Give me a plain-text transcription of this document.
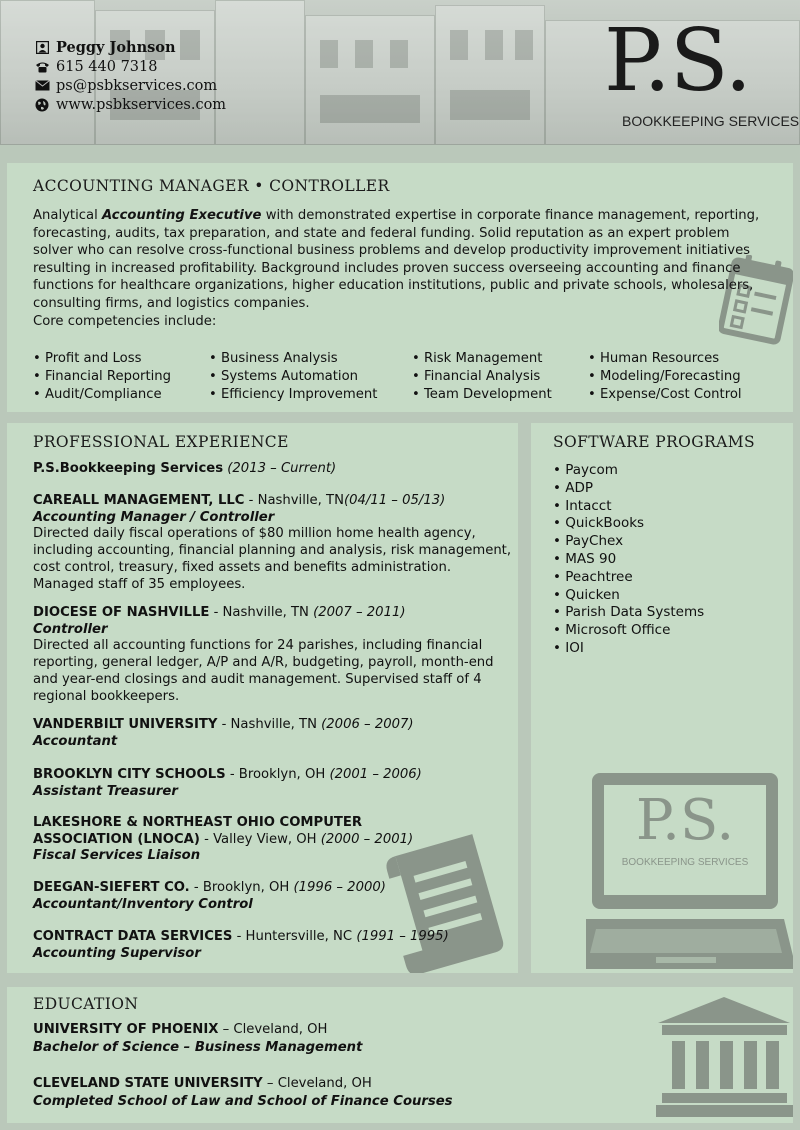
Peggy Johnson
615 440 7318
ps@psbkservices.com
www.psbkservices.com	P.S.
BOOKKEEPING SERVICES
ACCOUNTING MANAGER • CONTROLLER
Analytical Accounting Executive with demonstrated expertise in corporate finance management, reporting, forecasting, audits, tax preparation, and state and federal funding. Solid reputation as an expert problem solver who can resolve cross-functional business problems and develop productivity improvement initiatives resulting in increased profitability. Background includes proven success overseeing accounting and finance functions for healthcare organizations, higher education institutions, public and private schools, wholesalers, consulting firms, and logistics companies.
Core competencies include:
• Profit and Loss
• Financial Reporting
• Audit/Compliance
• Business Analysis
• Systems Automation
• Efficiency Improvement
• Risk Management
• Financial Analysis
• Team Development
• Human Resources
• Modeling/Forecasting
• Expense/Cost Control
PROFESSIONAL EXPERIENCE
P.S.Bookkeeping Services (2013 – Current)
CAREALL MANAGEMENT, LLC - Nashville, TN(04/11 – 05/13)
Accounting Manager / Controller
Directed daily fiscal operations of $80 million home health agency, including accounting, financial planning and analysis, risk management, cost control, treasury, fixed assets and benefits administration. Managed staff of 35 employees.
DIOCESE OF NASHVILLE - Nashville, TN (2007 – 2011)
Controller
Directed all accounting functions for 24 parishes, including financial reporting, general ledger, A/P and A/R, budgeting, payroll, month-end and year-end closings and audit management. Supervised staff of 4 regional bookkeepers.
VANDERBILT UNIVERSITY - Nashville, TN (2006 – 2007)
Accountant
BROOKLYN CITY SCHOOLS - Brooklyn, OH (2001 – 2006)
Assistant Treasurer
LAKESHORE & NORTHEAST OHIO COMPUTER ASSOCIATION (LNOCA) - Valley View, OH (2000 – 2001)
Fiscal Services Liaison
DEEGAN-SIEFERT CO. - Brooklyn, OH (1996 – 2000)
Accountant/Inventory Control
CONTRACT DATA SERVICES - Huntersville, NC (1991 – 1995)
Accounting Supervisor
SOFTWARE PROGRAMS
• Paycom
• ADP
• Intacct
• QuickBooks
• PayChex
• MAS 90
• Peachtree
• Quicken
• Parish Data Systems
• Microsoft Office
• IOI
P.S.
BOOKKEEPING SERVICES
EDUCATION
UNIVERSITY OF PHOENIX – Cleveland, OH
Bachelor of Science – Business Management
CLEVELAND STATE UNIVERSITY – Cleveland, OH
Completed School of Law and School of Finance Courses
